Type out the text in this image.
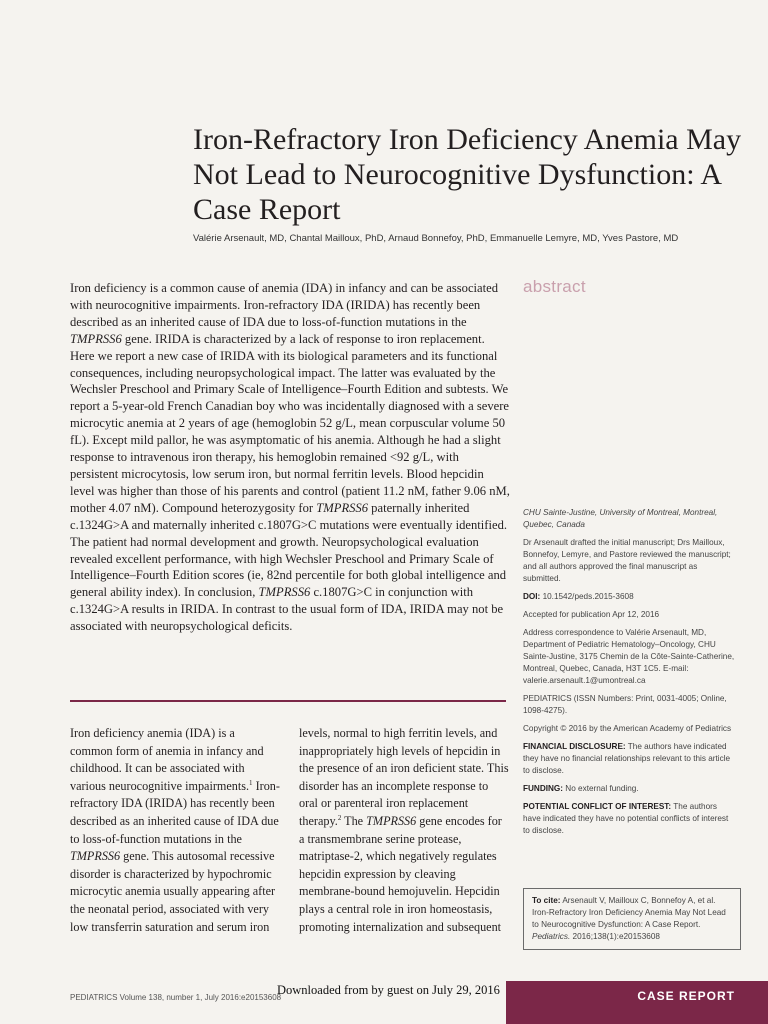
Iron-Refractory Iron Deficiency Anemia May Not Lead to Neurocognitive Dysfunction: A Case Report

Valérie Arsenault, MD, Chantal Mailloux, PhD, Arnaud Bonnefoy, PhD, Emmanuelle Lemyre, MD, Yves Pastore, MD

Iron deficiency is a common cause of anemia (IDA) in infancy and can be associated with neurocognitive impairments. Iron-refractory IDA (IRIDA) has recently been described as an inherited cause of IDA due to loss-of-function mutations in the TMPRSS6 gene. IRIDA is characterized by a lack of response to iron replacement. Here we report a new case of IRIDA with its biological parameters and its functional consequences, including neuropsychological impact. The latter was evaluated by the Wechsler Preschool and Primary Scale of Intelligence–Fourth Edition and subtests. We report a 5-year-old French Canadian boy who was incidentally diagnosed with a severe microcytic anemia at 2 years of age (hemoglobin 52 g/L, mean corpuscular volume 50 fL). Except mild pallor, he was asymptomatic of his anemia. Although he had a slight response to intravenous iron therapy, his hemoglobin remained <92 g/L, with persistent microcytosis, low serum iron, but normal ferritin levels. Blood hepcidin level was higher than those of his parents and control (patient 11.2 nM, father 9.06 nM, mother 4.07 nM). Compound heterozygosity for TMPRSS6 paternally inherited c.1324G>A and maternally inherited c.1807G>C mutations were eventually identified. The patient had normal development and growth. Neuropsychological evaluation revealed excellent performance, with high Wechsler Preschool and Primary Scale of Intelligence–Fourth Edition scores (ie, 82nd percentile for both global intelligence and general ability index). In conclusion, TMPRSS6 c.1807G>C in conjunction with c.1324G>A results in IRIDA. In contrast to the usual form of IDA, IRIDA may not be associated with neuropsychological deficits.

abstract

Iron deficiency anemia (IDA) is a common form of anemia in infancy and childhood. It can be associated with various neurocognitive impairments.$^1$ Iron-refractory IDA (IRIDA) has recently been described as an inherited cause of IDA due to loss-of-function mutations in the TMPRSS6 gene. This autosomal recessive disorder is characterized by hypochromic microcytic anemia usually appearing after the neonatal period, associated with very low transferrin saturation and serum iron

levels, normal to high ferritin levels, and inappropriately high levels of hepcidin in the presence of an iron deficient state. This disorder has an incomplete response to oral or parenteral iron replacement therapy.$^2$ The TMPRSS6 gene encodes for a transmembrane serine protease, matriptase-2, which negatively regulates hepcidin expression by cleaving membrane-bound hemojuvelin. Hepcidin plays a central role in iron homeostasis, promoting internalization and subsequent

CHU Sainte-Justine, University of Montreal, Montreal, Quebec, Canada

Dr Arsenault drafted the initial manuscript; Drs Mailloux, Bonnefoy, Lemyre, and Pastore reviewed the manuscript; and all authors approved the final manuscript as submitted.

DOI: 10.1542/peds.2015-3608

Accepted for publication Apr 12, 2016

Address correspondence to Valérie Arsenault, MD, Department of Pediatric Hematology–Oncology, CHU Sainte-Justine, 3175 Chemin de la Côte-Sainte-Catherine, Montreal, Quebec, Canada, H3T 1C5. E-mail: valerie.arsenault.1@umontreal.ca

PEDIATRICS (ISSN Numbers: Print, 0031-4005; Online, 1098-4275).

Copyright © 2016 by the American Academy of Pediatrics

FINANCIAL DISCLOSURE: The authors have indicated they have no financial relationships relevant to this article to disclose.

FUNDING: No external funding.

POTENTIAL CONFLICT OF INTEREST: The authors have indicated they have no potential conflicts of interest to disclose.

To cite: Arsenault V, Mailloux C, Bonnefoy A, et al. Iron-Refractory Iron Deficiency Anemia May Not Lead to Neurocognitive Dysfunction: A Case Report. Pediatrics. 2016;138(1):e20153608
PEDIATRICS Volume 138, number 1, July 2016:e20153608
Downloaded from by guest on July 29, 2016	CASE REPORT
